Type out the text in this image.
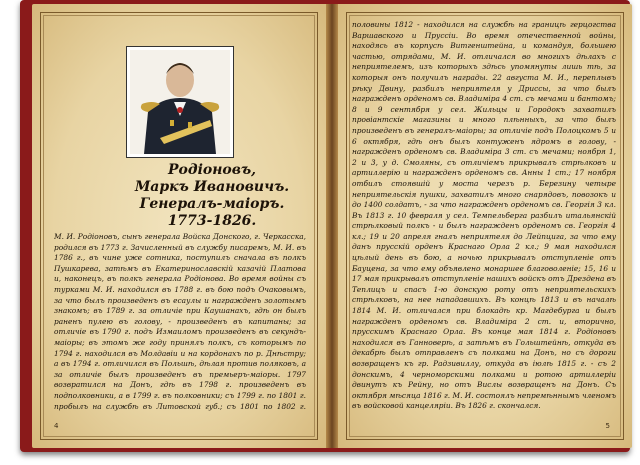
Родіоновъ,
Маркъ Ивановичъ.
Генералъ-маіоръ.
1773-1826.
М. И. Родіоновъ, сынъ генерала Войска Донского, г. Черкасска, родился въ 1773 г. Зачисленный въ службу писаремъ, М. И. въ 1786 г., въ чине уже сотника, поступилъ сначала въ полкъ Пушкарева, затѣмъ въ Екатеринославскій казачій Платова и, наконецъ, въ полкъ генерала Родіонова. Во время войны съ турками М. И. находился въ 1788 г. въ бою подъ Очаковымъ, за что былъ произведенъ въ есаулы и награжденъ золотымъ знакомъ; въ 1789 г. за отличіе при Каушанахъ, гдѣ он былъ раненъ пулею въ голову, - произведенъ въ капитаны; за отличіе въ 1790 г. подъ Измаиломъ произведенъ въ секундъ-маіоры; въ этомъ же году принялъ полкъ, съ которымъ по 1794 г. находился въ Молдавіи и на кордонахъ по р. Днѣстру; а въ 1794 г. отличился въ Польшѣ, дѣлая против поляковъ, а за отличіе былъ произведенъ въ премьеръ-маіоры. 1797 возвратился на Донъ, гдѣ въ 1798 г. произведенъ въ подполковники, а в 1799 г. въ полковники; съ 1799 г. по 1801 г. пробылъ на службѣ въ Литовской губ.; съ 1801 по 1802 г.
4
половины 1812 - находился на службѣ на границѣ герцогства Варшавского и Пруссіи. Во время отечественной войны, находясь въ корпусѣ Витгенштейна, и командуя, большею частью, отрядами, М. И. отличался во многихъ дѣлахъ с неприятелемъ, изъ которыхъ здѣсь упомянуты лишь тѣ, за которыя онъ получилъ награды. 22 августа М. И., переплывъ рѣку Двину, разбилъ неприятеля у Дриссы, за что былъ награжденъ орденомъ св. Владиміра 4 ст. съ мечами и бантомъ; 8 и 9 сентября у сел. Жильцы и Городокъ захватилъ провіантскіе магазины и много плѣнныхъ, за что былъ произведенъ въ генералъ-маіоры; за отличіе подъ Полоцкомъ 5 и 6 октября, гдѣ онъ былъ контуженъ ядромъ в голову, - награжденъ орденомъ св. Владиміра 3 ст. съ мечами; ноября 1, 2 и 3, у д. Смоляны, съ отличіемъ прикрывалъ стрѣлковъ и артиллерію и награжденъ орденомъ св. Анны 1 ст.; 17 ноября отбилъ стоявшій у моста черезъ р. Березину четыре неприятельскія пушки, захватилъ много снарядовъ, повозокъ и до 1400 солдатъ, - за что награжденъ орденомъ св. Георгія 3 кл. Въ 1813 г. 10 февраля у сел. Темпельберга разбилъ итальянскій стрѣлковый полкъ - и былъ награжденъ орденомъ св. Георгія 4 кл.; 19 и 20 апреля гналъ неприятеля до Лейпцига, за что ему данъ прусскій орденъ Краснаго Орла 2 кл.; 9 мая находился цѣлый день въ бою, а ночью прикрывалъ отступленіе отъ Бауцена, за что ему объявлено монаршее благоволеніе; 15, 16 и 17 мая прикрывалъ отступленіе нашихъ войскъ отъ Дрездена въ Теплицъ и спасъ 1-ю донскую роту отъ неприятельскихъ стрѣлковъ, на нее нападавшихъ. Въ концѣ 1813 и въ началѣ 1814 М. И. отличался при блокадѣ кр. Магдебурга и былъ награжденъ орденомъ св. Владиміра 2 ст. и, вторично, прусскимъ Краснаго Орла. Въ конце мая 1814 г. Родіоновъ находился въ Ганноверѣ, а затѣмъ въ Гольштейнѣ, откуда въ декабрѣ былъ отправленъ съ полками на Донъ, но съ дороги возвращенъ къ гр. Радзивиллу, откуда въ іюлѣ 1815 г. - съ 2 донскимъ, 4 черноморскими полками и ротою артиллеріи двинутъ къ Рейну, но отъ Вислы возвращенъ на Донъ. Съ октября мѣсяца 1816 г. М. И. состоялъ непремѣннымъ членомъ въ войсковой канцеляріи. Въ 1826 г. скончался.
5
